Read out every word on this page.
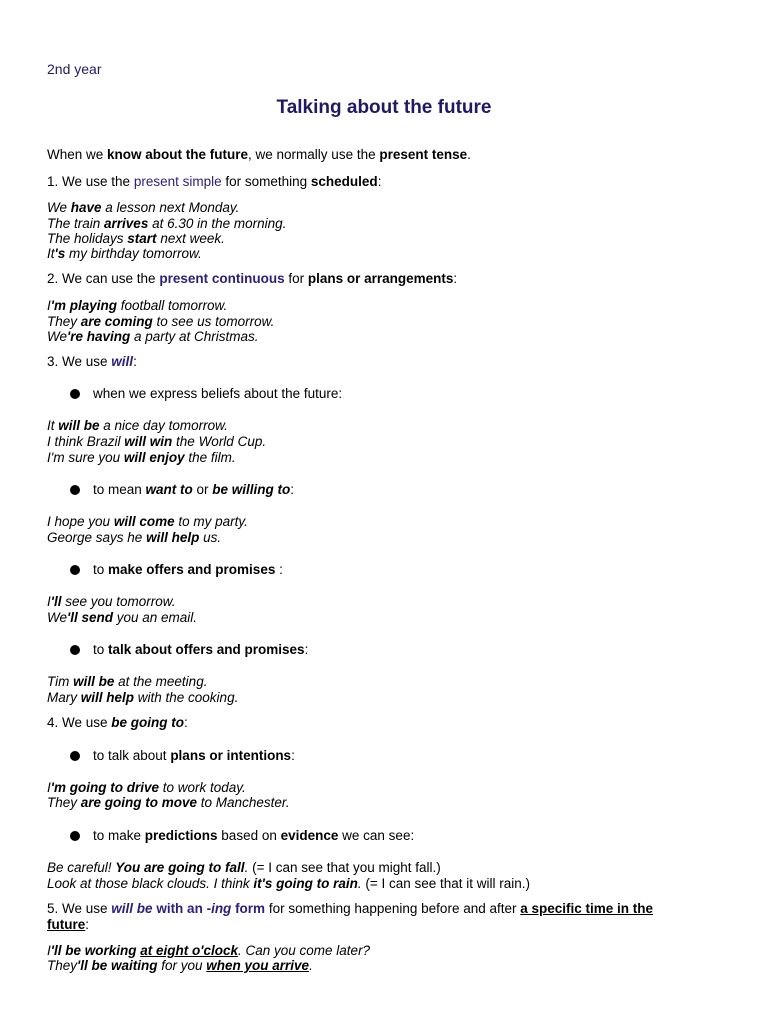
2nd year
Talking about the future
When we know about the future, we normally use the present tense.
1. We use the present simple for something scheduled:
We have a lesson next Monday.
The train arrives at 6.30 in the morning.
The holidays start next week.
It's my birthday tomorrow.
2. We can use the present continuous for plans or arrangements:
I'm playing football tomorrow.
They are coming to see us tomorrow.
We're having a party at Christmas.
3. We use will:
when we express beliefs about the future:
It will be a nice day tomorrow.
I think Brazil will win the World Cup.
I'm sure you will enjoy the film.
to mean want to or be willing to:
I hope you will come to my party.
George says he will help us.
to make offers and promises :
I'll see you tomorrow.
We'll send you an email.
to talk about offers and promises:
Tim will be at the meeting.
Mary will help with the cooking.
4. We use be going to:
to talk about plans or intentions:
I'm going to drive to work today.
They are going to move to Manchester.
to make predictions based on evidence we can see:
Be careful! You are going to fall. (= I can see that you might fall.)
Look at those black clouds. I think it's going to rain. (= I can see that it will rain.)
5. We use will be with an -ing form for something happening before and after a specific time in the
future:
I'll be working at eight o'clock. Can you come later?
They'll be waiting for you when you arrive.
